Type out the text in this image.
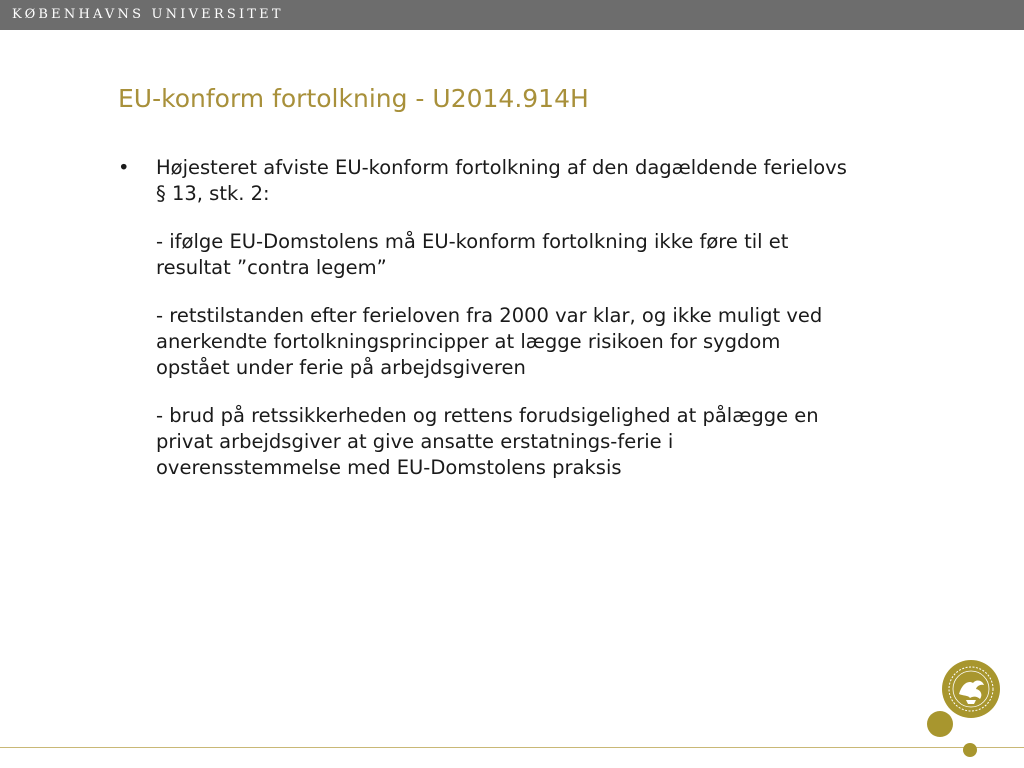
KØBENHAVNS UNIVERSITET
EU-konform fortolkning - U2014.914H
• Højesteret afviste EU-konform fortolkning af den dagældende ferielovs § 13, stk. 2:

- ifølge EU-Domstolens må EU-konform fortolkning ikke føre til et resultat ”contra legem”

- retstilstanden efter ferieloven fra 2000 var klar, og ikke muligt ved anerkendte fortolkningsprincipper at lægge risikoen for sygdom opstået under ferie på arbejdsgiveren

- brud på retssikkerheden og rettens forudsigelighed at pålægge en privat arbejdsgiver at give ansatte erstatnings-ferie i overensstemmelse med EU-Domstolens praksis
